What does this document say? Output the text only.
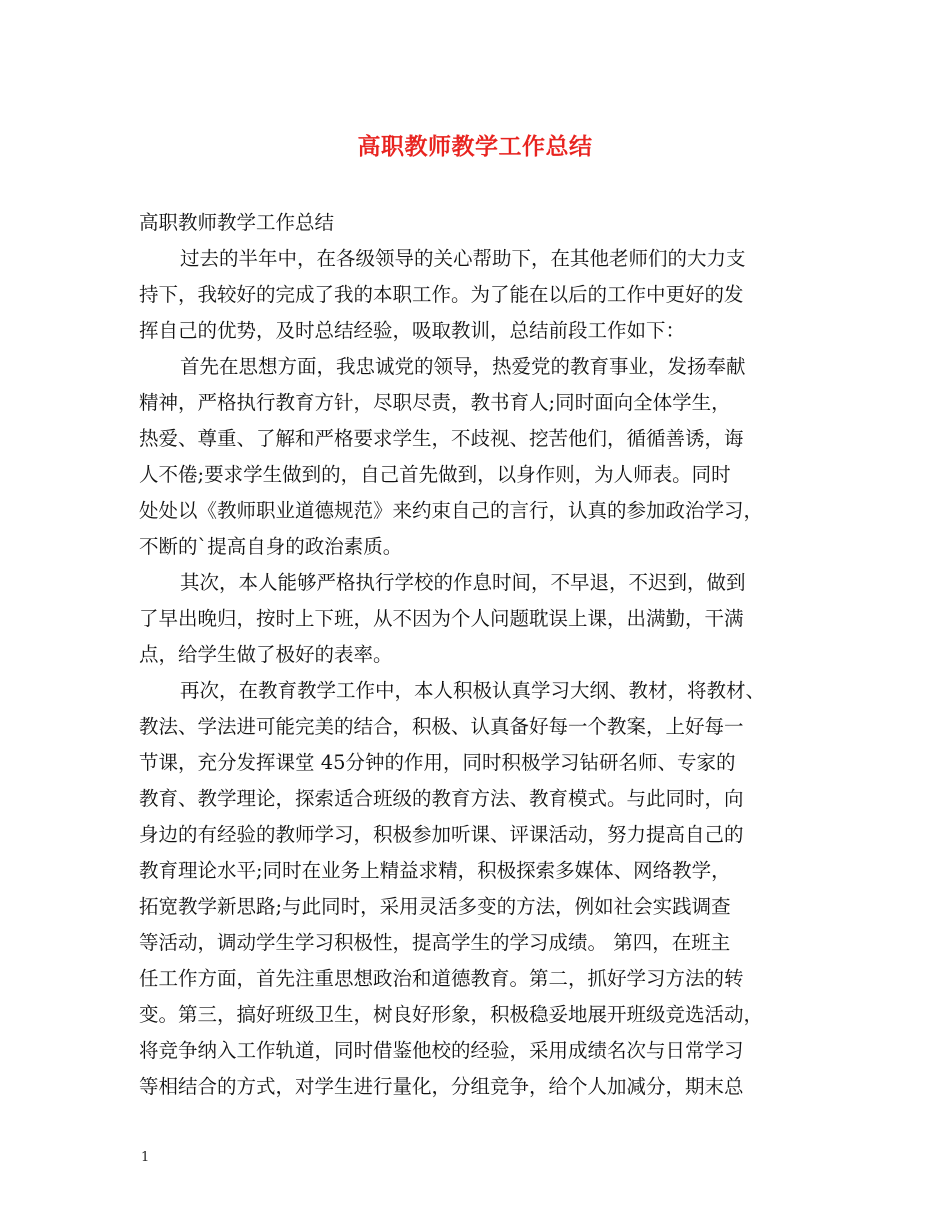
高职教师教学工作总结
高职教师教学工作总结
过去的半年中，在各级领导的关心帮助下，在其他老师们的大力支
持下，我较好的完成了我的本职工作。为了能在以后的工作中更好的发
挥自己的优势，及时总结经验，吸取教训，总结前段工作如下：
首先在思想方面，我忠诚党的领导，热爱党的教育事业，发扬奉献
精神，严格执行教育方针，尽职尽责，教书育人;同时面向全体学生，
热爱、尊重、了解和严格要求学生，不歧视、挖苦他们，循循善诱，诲
人不倦;要求学生做到的，自己首先做到，以身作则，为人师表。同时
处处以《教师职业道德规范》来约束自己的言行，认真的参加政治学习，
不断的`提高自身的政治素质。
其次，本人能够严格执行学校的作息时间，不早退，不迟到，做到
了早出晚归，按时上下班，从不因为个人问题耽误上课，出满勤，干满
点，给学生做了极好的表率。
再次，在教育教学工作中，本人积极认真学习大纲、教材，将教材、
教法、学法进可能完美的结合，积极、认真备好每一个教案，上好每一
节课，充分发挥课堂 45分钟的作用，同时积极学习钻研名师、专家的
教育、教学理论，探索适合班级的教育方法、教育模式。与此同时，向
身边的有经验的教师学习，积极参加听课、评课活动，努力提高自己的
教育理论水平;同时在业务上精益求精，积极探索多媒体、网络教学，
拓宽教学新思路;与此同时，采用灵活多变的方法，例如社会实践调查
等活动，调动学生学习积极性，提高学生的学习成绩。 第四，在班主
任工作方面，首先注重思想政治和道德教育。第二，抓好学习方法的转
变。第三，搞好班级卫生，树良好形象，积极稳妥地展开班级竞选活动，
将竞争纳入工作轨道，同时借鉴他校的经验，采用成绩名次与日常学习
等相结合的方式，对学生进行量化，分组竞争，给个人加减分，期末总
1
